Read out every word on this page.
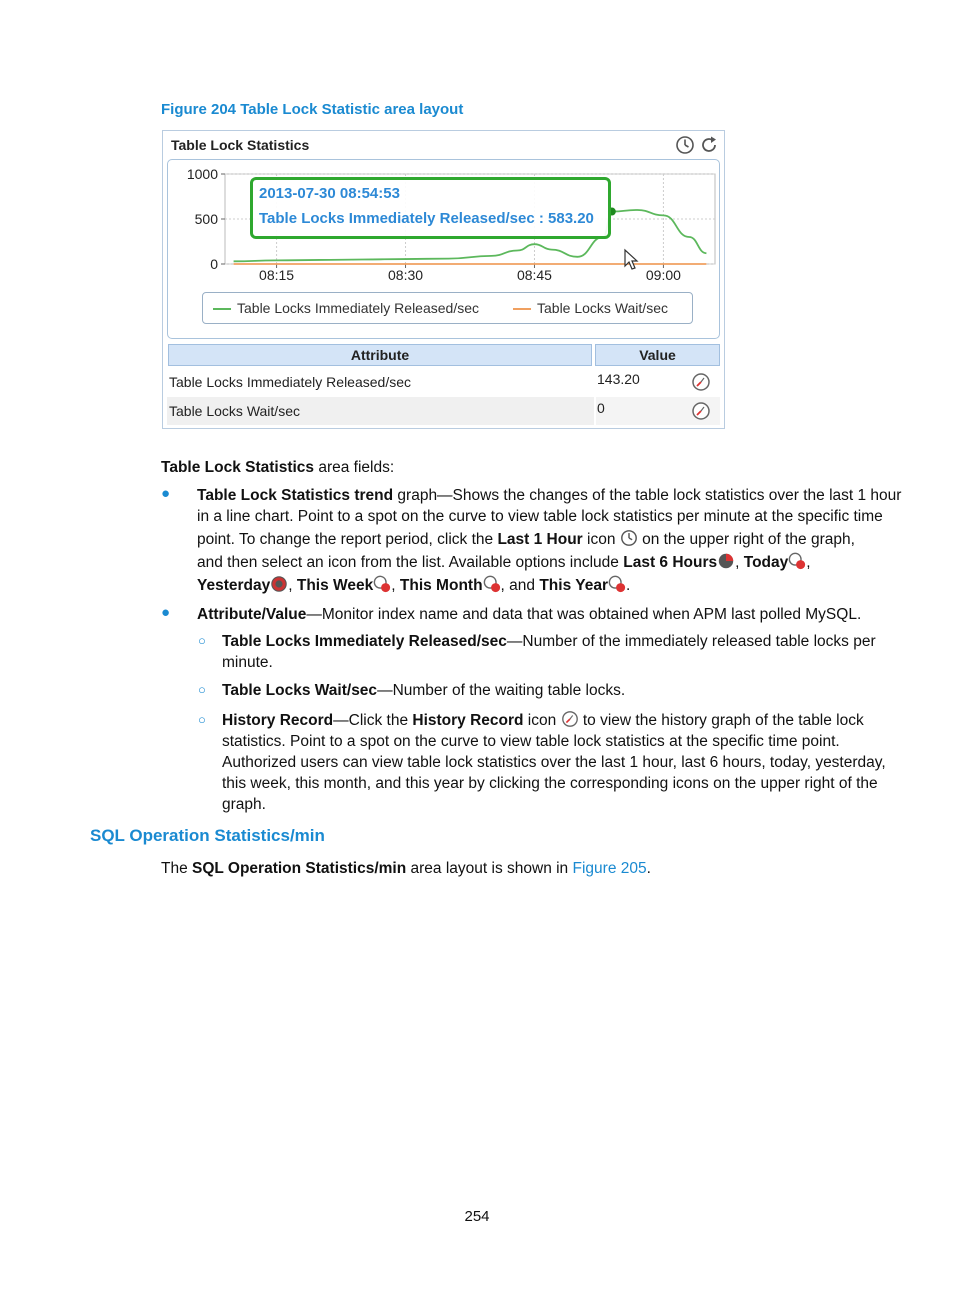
Figure 204 Table Lock Statistic area layout
Table Lock Statistics
1000
500
0
08:15	08:30	08:45	09:00
2013-07-30 08:54:53
Table Locks Immediately Released/sec : 583.20
Table Locks Immediately Released/sec	Table Locks Wait/sec
Attribute	Value
Table Locks Immediately Released/sec	143.20
Table Locks Wait/sec	0
Table Lock Statistics area fields:
● Table Lock Statistics trend graph—Shows the changes of the table lock statistics over the last 1 hour
in a line chart. Point to a spot on the curve to view table lock statistics per minute at the specific time
point. To change the report period, click the Last 1 Hour icon  on the upper right of the graph,
and then select an icon from the list. Available options include Last 6 Hours , Today ,
Yesterday , This Week , This Month , and This Year .
● Attribute/Value—Monitor index name and data that was obtained when APM last polled MySQL.
○ Table Locks Immediately Released/sec—Number of the immediately released table locks per
minute.
○ Table Locks Wait/sec—Number of the waiting table locks.
○ History Record—Click the History Record icon  to view the history graph of the table lock
statistics. Point to a spot on the curve to view table lock statistics at the specific time point.
Authorized users can view table lock statistics over the last 1 hour, last 6 hours, today, yesterday,
this week, this month, and this year by clicking the corresponding icons on the upper right of the
graph.
SQL Operation Statistics/min
The SQL Operation Statistics/min area layout is shown in Figure 205.
254
